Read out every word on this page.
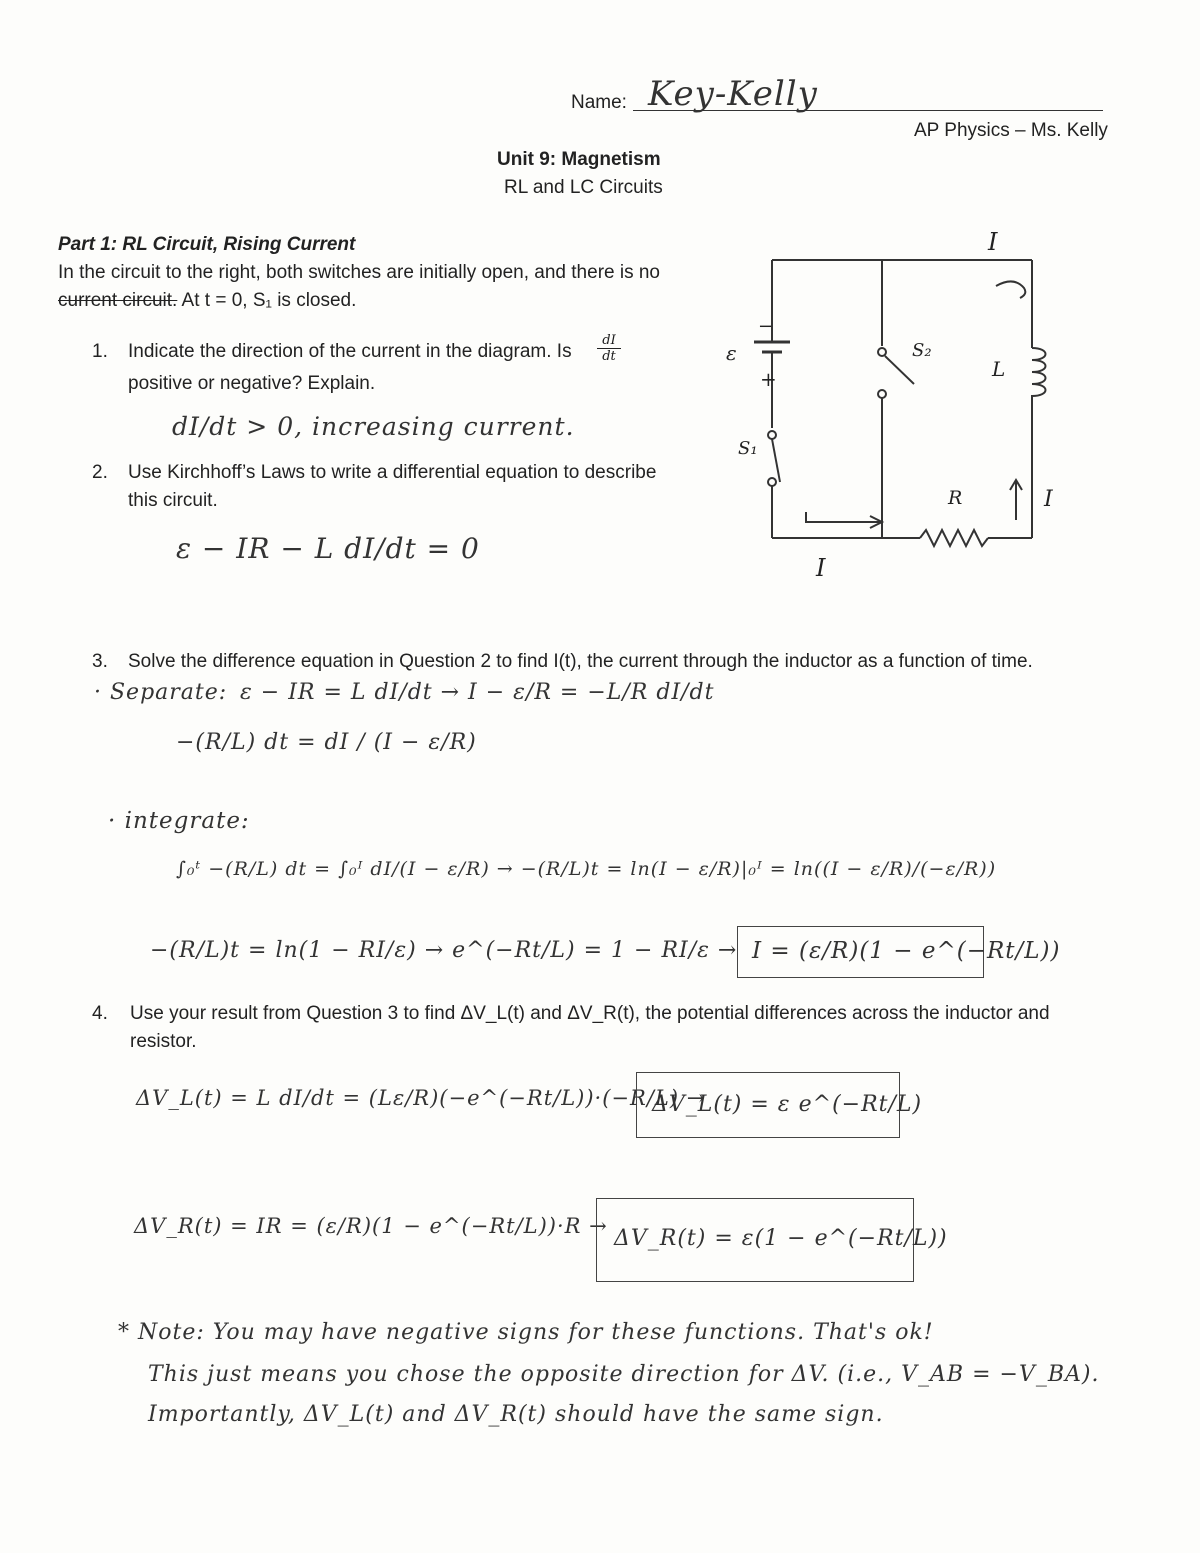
Name: Key-Kelly
AP Physics – Ms. Kelly
Unit 9: Magnetism
RL and LC Circuits
Part 1: RL Circuit, Rising Current
In the circuit to the right, both switches are initially open, and there is no
current circuit. At t = 0, S₁ is closed.
1. Indicate the direction of the current in the diagram. Is $\frac{dI}{dt}$
positive or negative? Explain.
dI/dt > 0, increasing current.
2. Use Kirchhoff’s Laws to write a differential equation to describe
this circuit.
ε − IR − L dI/dt = 0
ε
−
+
S₁
S₂
L
R
I
I
I
3. Solve the difference equation in Question 2 to find I(t), the current through the inductor as a function of time.
· Separate: ε − IR = L dI/dt → I − ε/R = −L/R dI/dt
−(R/L) dt = dI / (I − ε/R)
· integrate:
∫₀ᵗ −(R/L) dt = ∫₀ᴵ dI/(I − ε/R) → −(R/L)t = ln(I − ε/R)|₀ᴵ = ln((I − ε/R)/(−ε/R))
−(R/L)t = ln(1 − RI/ε) → e^(−Rt/L) = 1 − RI/ε → I = (ε/R)(1 − e^(−Rt/L))
4. Use your result from Question 3 to find ΔV_L(t) and ΔV_R(t), the potential differences across the inductor and
resistor.
ΔV_L(t) = L dI/dt = (Lε/R)(−e^(−Rt/L))·(−R/L) →
ΔV_L(t) = ε e^(−Rt/L)
ΔV_R(t) = IR = (ε/R)(1 − e^(−Rt/L))·R → ΔV_R(t) = ε(1 − e^(−Rt/L))
* Note: You may have negative signs for these functions. That's ok!
This just means you chose the opposite direction for ΔV. (i.e., V_AB = −V_BA).
Importantly, ΔV_L(t) and ΔV_R(t) should have the same sign.
